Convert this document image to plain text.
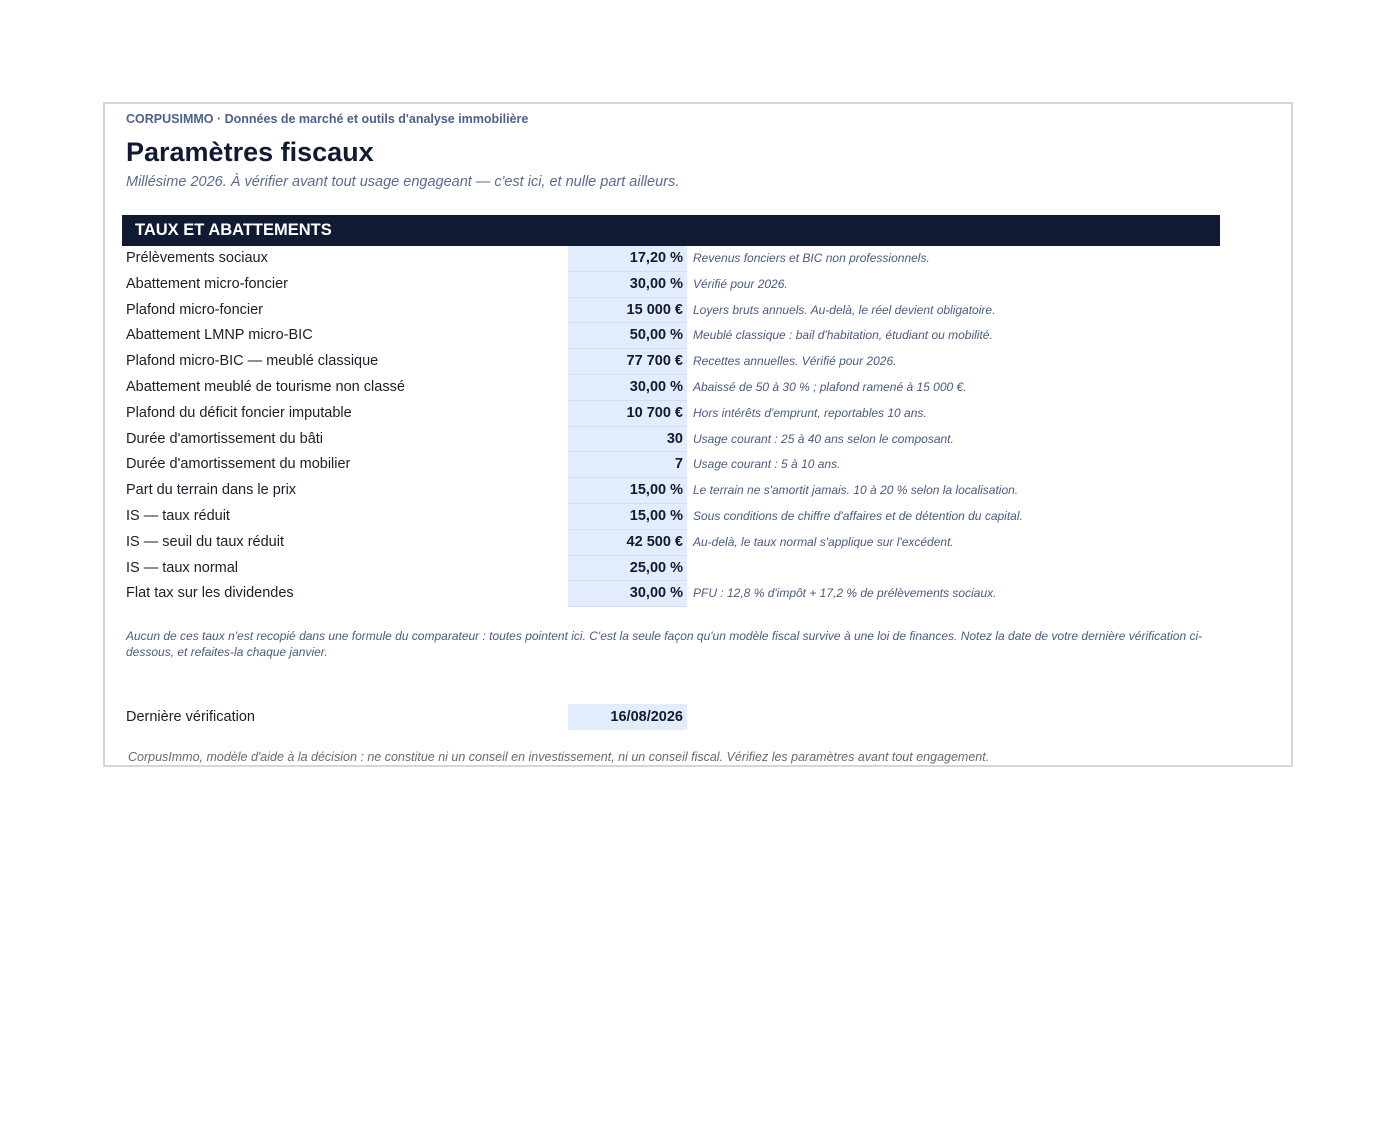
CORPUSIMMO · Données de marché et outils d'analyse immobilière
Paramètres fiscaux
Millésime 2026. À vérifier avant tout usage engageant — c'est ici, et nulle part ailleurs.
TAUX ET ABATTEMENTS
Prélèvements sociaux	17,20 % Revenus fonciers et BIC non professionnels.
Abattement micro-foncier	30,00 % Vérifié pour 2026.
Plafond micro-foncier	15 000 € Loyers bruts annuels. Au-delà, le réel devient obligatoire.
Abattement LMNP micro-BIC	50,00 % Meublé classique : bail d'habitation, étudiant ou mobilité.
Plafond micro-BIC — meublé classique	77 700 € Recettes annuelles. Vérifié pour 2026.
Abattement meublé de tourisme non classé	30,00 % Abaissé de 50 à 30 % ; plafond ramené à 15 000 €.
Plafond du déficit foncier imputable	10 700 € Hors intérêts d'emprunt, reportables 10 ans.
Durée d'amortissement du bâti	30 Usage courant : 25 à 40 ans selon le composant.
Durée d'amortissement du mobilier	7 Usage courant : 5 à 10 ans.
Part du terrain dans le prix	15,00 % Le terrain ne s'amortit jamais. 10 à 20 % selon la localisation.
IS — taux réduit	15,00 % Sous conditions de chiffre d'affaires et de détention du capital.
IS — seuil du taux réduit	42 500 € Au-delà, le taux normal s'applique sur l'excédent.
IS — taux normal	25,00 %
Flat tax sur les dividendes	30,00 % PFU : 12,8 % d'impôt + 17,2 % de prélèvements sociaux.
Aucun de ces taux n'est recopié dans une formule du comparateur : toutes pointent ici. C'est la seule façon qu'un modèle fiscal survive à une loi de finances. Notez la date de votre dernière vérification ci-dessous, et refaites-la chaque janvier.
Dernière vérification	16/08/2026
CorpusImmo, modèle d'aide à la décision : ne constitue ni un conseil en investissement, ni un conseil fiscal. Vérifiez les paramètres avant tout engagement.
